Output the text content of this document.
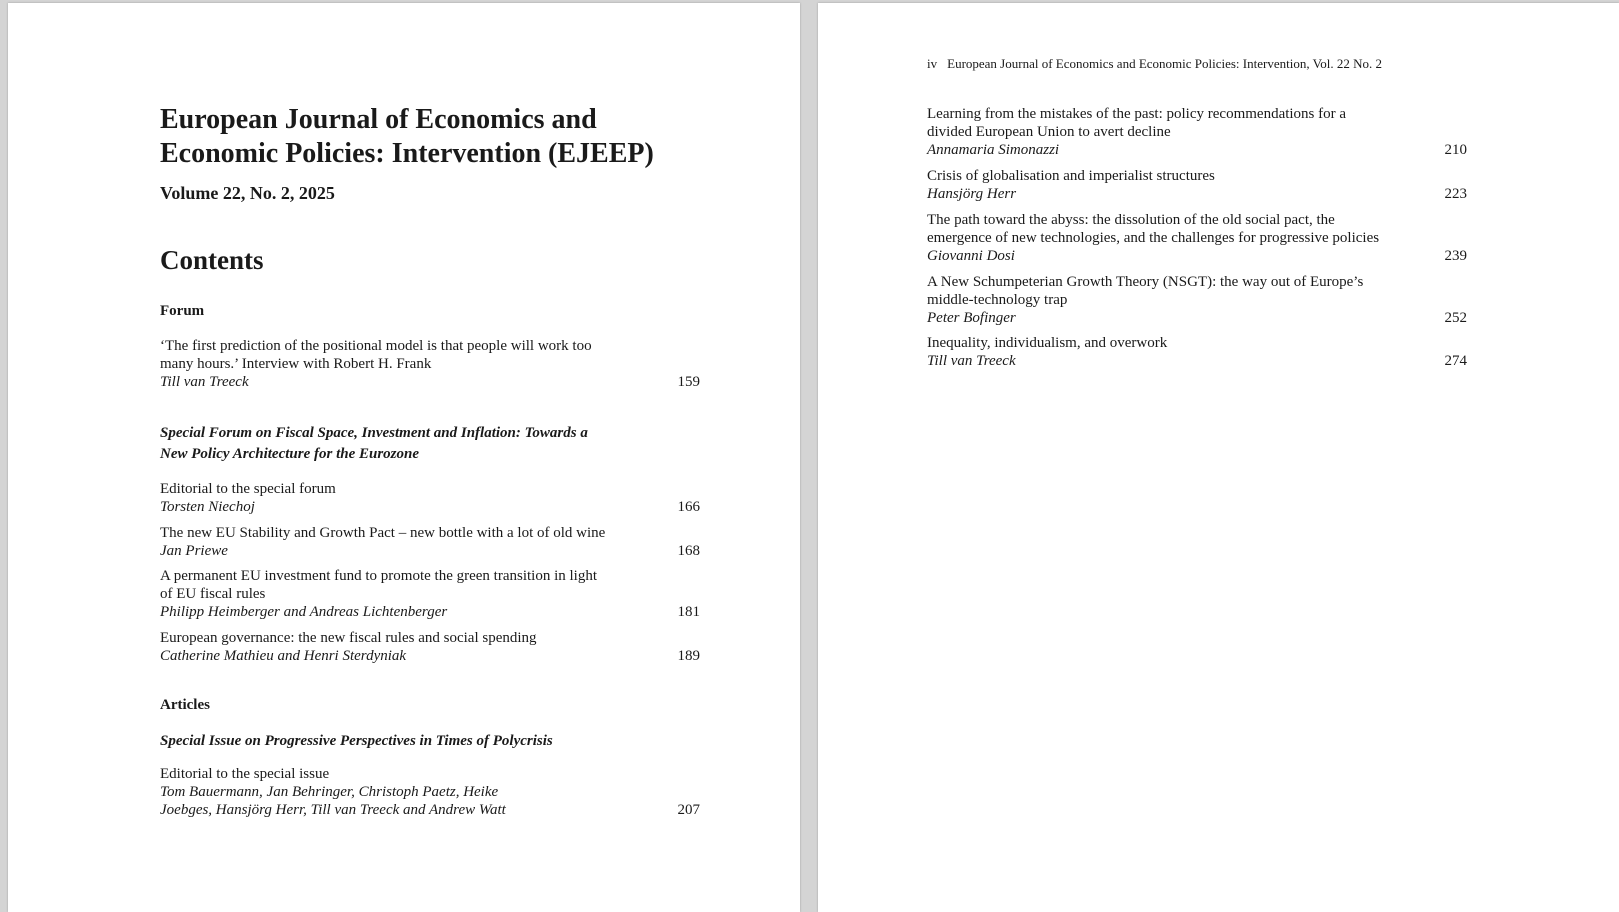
European Journal of Economics and Economic Policies: Intervention (EJEEP)
Volume 22, No. 2, 2025
Contents
Forum
‘The first prediction of the positional model is that people will work too many hours.’ Interview with Robert H. Frank
Till van Treeck	159
Special Forum on Fiscal Space, Investment and Inflation: Towards a New Policy Architecture for the Eurozone
Editorial to the special forum
Torsten Niechoj	166
The new EU Stability and Growth Pact – new bottle with a lot of old wine
Jan Priewe	168
A permanent EU investment fund to promote the green transition in light of EU fiscal rules
Philipp Heimberger and Andreas Lichtenberger	181
European governance: the new fiscal rules and social spending
Catherine Mathieu and Henri Sterdyniak	189
Articles
Special Issue on Progressive Perspectives in Times of Polycrisis
Editorial to the special issue
Tom Bauermann, Jan Behringer, Christoph Paetz, Heike Joebges, Hansjörg Herr, Till van Treeck and Andrew Watt	207
iv European Journal of Economics and Economic Policies: Intervention, Vol. 22 No. 2
Learning from the mistakes of the past: policy recommendations for a divided European Union to avert decline
Annamaria Simonazzi	210
Crisis of globalisation and imperialist structures
Hansjörg Herr	223
The path toward the abyss: the dissolution of the old social pact, the emergence of new technologies, and the challenges for progressive policies
Giovanni Dosi	239
A New Schumpeterian Growth Theory (NSGT): the way out of Europe’s middle-technology trap
Peter Bofinger	252
Inequality, individualism, and overwork
Till van Treeck	274
